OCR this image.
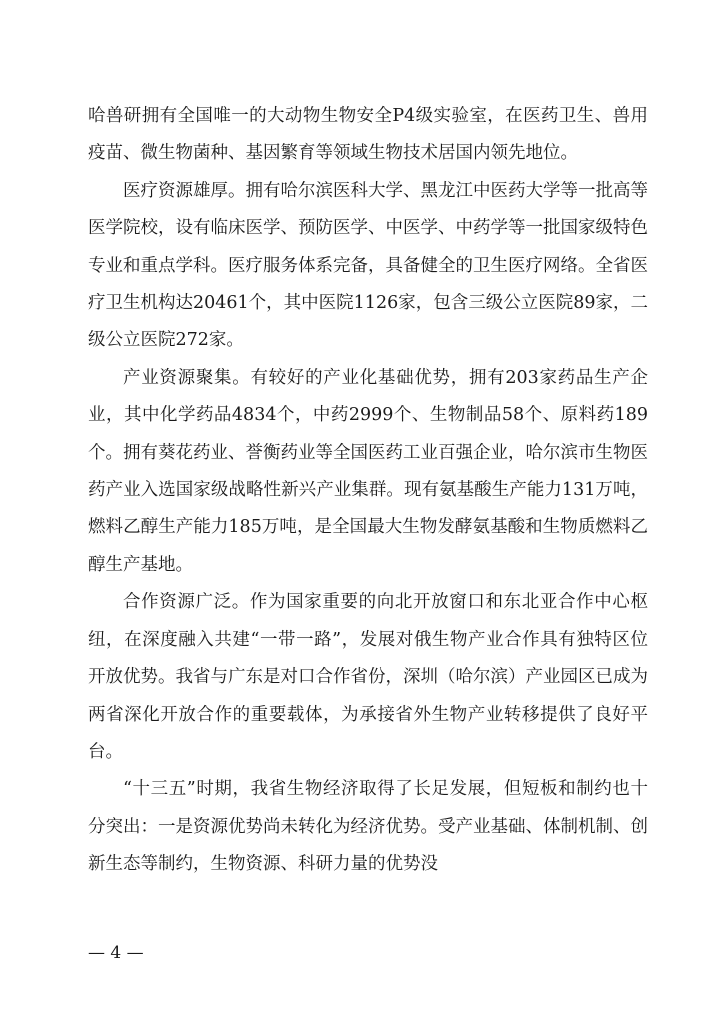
哈兽研拥有全国唯一的大动物生物安全P4级实验室，在医药卫生、兽用疫苗、微生物菌种、基因繁育等领域生物技术居国内领先地位。

医疗资源雄厚。拥有哈尔滨医科大学、黑龙江中医药大学等一批高等医学院校，设有临床医学、预防医学、中医学、中药学等一批国家级特色专业和重点学科。医疗服务体系完备，具备健全的卫生医疗网络。全省医疗卫生机构达20461个，其中医院1126家，包含三级公立医院89家，二级公立医院272家。

产业资源聚集。有较好的产业化基础优势，拥有203家药品生产企业，其中化学药品4834个，中药2999个、生物制品58个、原料药189个。拥有葵花药业、誉衡药业等全国医药工业百强企业，哈尔滨市生物医药产业入选国家级战略性新兴产业集群。现有氨基酸生产能力131万吨，燃料乙醇生产能力185万吨，是全国最大生物发酵氨基酸和生物质燃料乙醇生产基地。

合作资源广泛。作为国家重要的向北开放窗口和东北亚合作中心枢纽，在深度融入共建“一带一路”，发展对俄生物产业合作具有独特区位开放优势。我省与广东是对口合作省份，深圳（哈尔滨）产业园区已成为两省深化开放合作的重要载体，为承接省外生物产业转移提供了良好平台。

“十三五”时期，我省生物经济取得了长足发展，但短板和制约也十分突出：一是资源优势尚未转化为经济优势。受产业基础、体制机制、创新生态等制约，生物资源、科研力量的优势没

— 4 —
